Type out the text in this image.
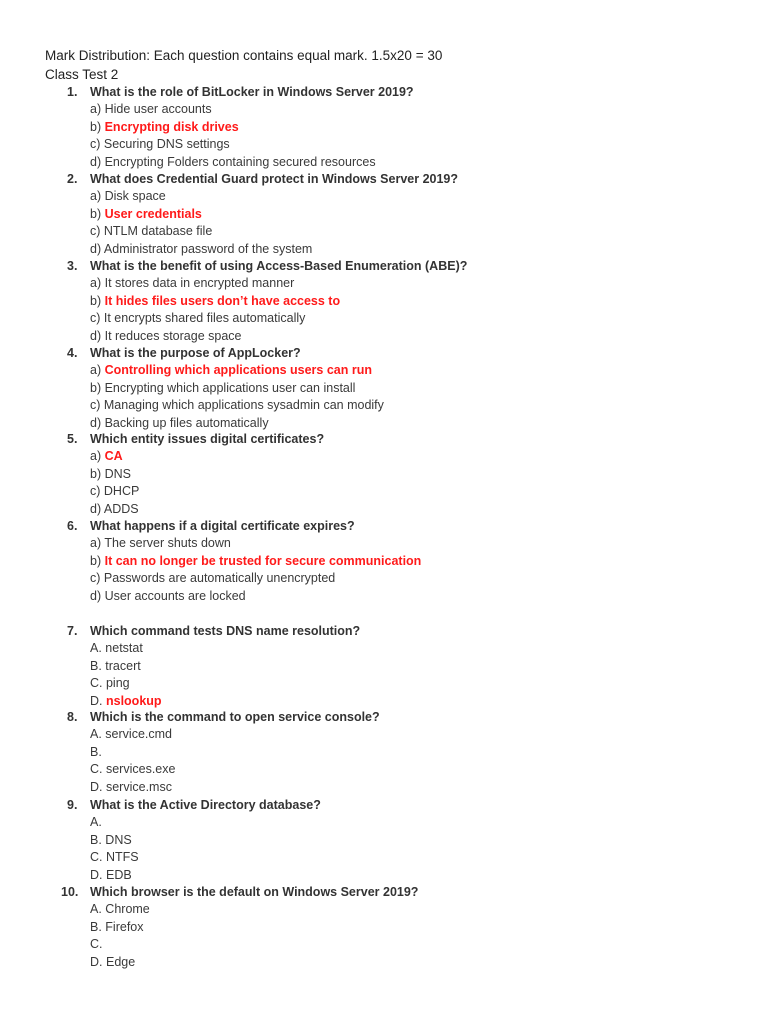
Mark Distribution: Each question contains equal mark. 1.5x20 = 30
Class Test 2
1. What is the role of BitLocker in Windows Server 2019?
a) Hide user accounts
b) Encrypting disk drives
c) Securing DNS settings
d) Encrypting Folders containing secured resources
2. What does Credential Guard protect in Windows Server 2019?
a) Disk space
b) User credentials
c) NTLM database file
d) Administrator password of the system
3. What is the benefit of using Access-Based Enumeration (ABE)?
a) It stores data in encrypted manner
b) It hides files users don’t have access to
c) It encrypts shared files automatically
d) It reduces storage space
4. What is the purpose of AppLocker?
a) Controlling which applications users can run
b) Encrypting which applications user can install
c) Managing which applications sysadmin can modify
d) Backing up files automatically
5. Which entity issues digital certificates?
a) CA
b) DNS
c) DHCP
d) ADDS
6. What happens if a digital certificate expires?
a) The server shuts down
b) It can no longer be trusted for secure communication
c) Passwords are automatically unencrypted
d) User accounts are locked
7. Which command tests DNS name resolution?
A. netstat
B. tracert
C. ping
D. nslookup
8. Which is the command to open service console?
A. service.cmd
B.
C. services.exe
D. service.msc
9. What is the Active Directory database?
A.
B. DNS
C. NTFS
D. EDB
10. Which browser is the default on Windows Server 2019?
A. Chrome
B. Firefox
C.
D. Edge
